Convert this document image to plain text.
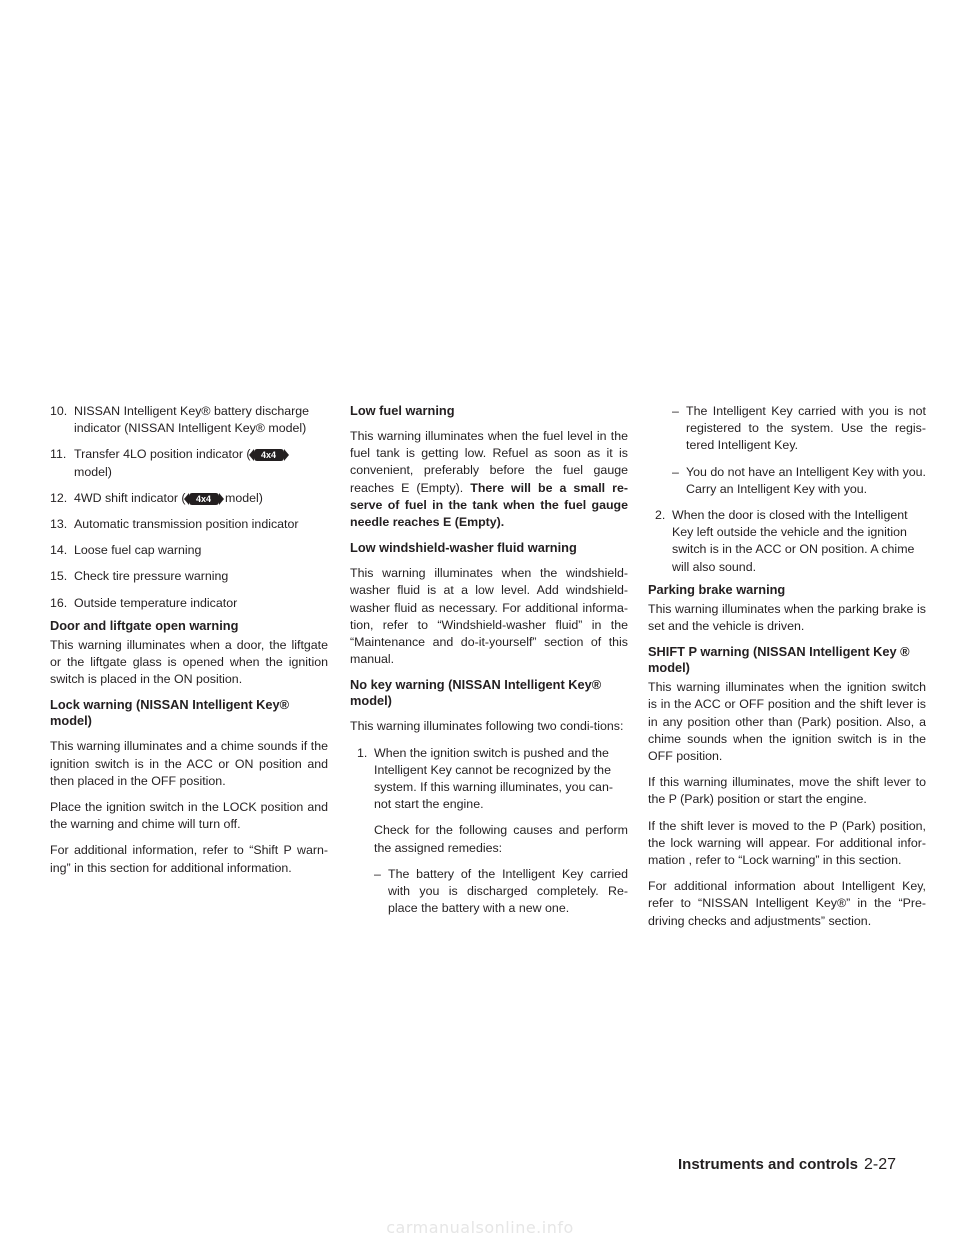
10. NISSAN Intelligent Key® battery discharge indicator (NISSAN Intelligent Key® model)
11. Transfer 4LO position indicator ( 4x4
model)
12. 4WD shift indicator ( 4x4 model)
13. Automatic transmission position indicator
14. Loose fuel cap warning
15. Check tire pressure warning
16. Outside temperature indicator
Door and liftgate open warning

This warning illuminates when a door, the liftgate or the liftgate glass is opened when the ignition switch is placed in the ON position.

Lock warning (NISSAN Intelligent Key® model)

This warning illuminates and a chime sounds if the ignition switch is in the ACC or ON position and then placed in the OFF position.

Place the ignition switch in the LOCK position and the warning and chime will turn off.

For additional information, refer to “Shift P warn-ing” in this section for additional information.

Low fuel warning

This warning illuminates when the fuel level in the fuel tank is getting low. Refuel as soon as it is convenient, preferably before the fuel gauge reaches E (Empty). There will be a small re-serve of fuel in the tank when the fuel gauge needle reaches E (Empty).

Low windshield-washer fluid warning

This warning illuminates when the windshield-washer fluid is at a low level. Add windshield-washer fluid as necessary. For additional informa-tion, refer to “Windshield-washer fluid” in the “Maintenance and do-it-yourself” section of this manual.

No key warning (NISSAN Intelligent Key® model)

This warning illuminates following two condi-tions:

1. When the ignition switch is pushed and the Intelligent Key cannot be recognized by the system. If this warning illuminates, you can-not start the engine.

Check for the following causes and perform the assigned remedies:

– The battery of the Intelligent Key carried with you is discharged completely. Re-place the battery with a new one.
– The Intelligent Key carried with you is not registered to the system. Use the regis-tered Intelligent Key.
– You do not have an Intelligent Key with you. Carry an Intelligent Key with you.
2. When the door is closed with the Intelligent Key left outside the vehicle and the ignition switch is in the ACC or ON position. A chime will also sound.
Parking brake warning

This warning illuminates when the parking brake is set and the vehicle is driven.

SHIFT P warning (NISSAN Intelligent Key ® model)

This warning illuminates when the ignition switch is in the ACC or OFF position and the shift lever is in any position other than (Park) position. Also, a chime sounds when the ignition switch is in the OFF position.

If this warning illuminates, move the shift lever to the P (Park) position or start the engine.

If the shift lever is moved to the P (Park) position, the lock warning will appear. For additional infor-mation , refer to “Lock warning” in this section.

For additional information about Intelligent Key, refer to “NISSAN Intelligent Key®” in the “Pre-driving checks and adjustments” section.

Instruments and controls 2-27
carmanualsonline.info
